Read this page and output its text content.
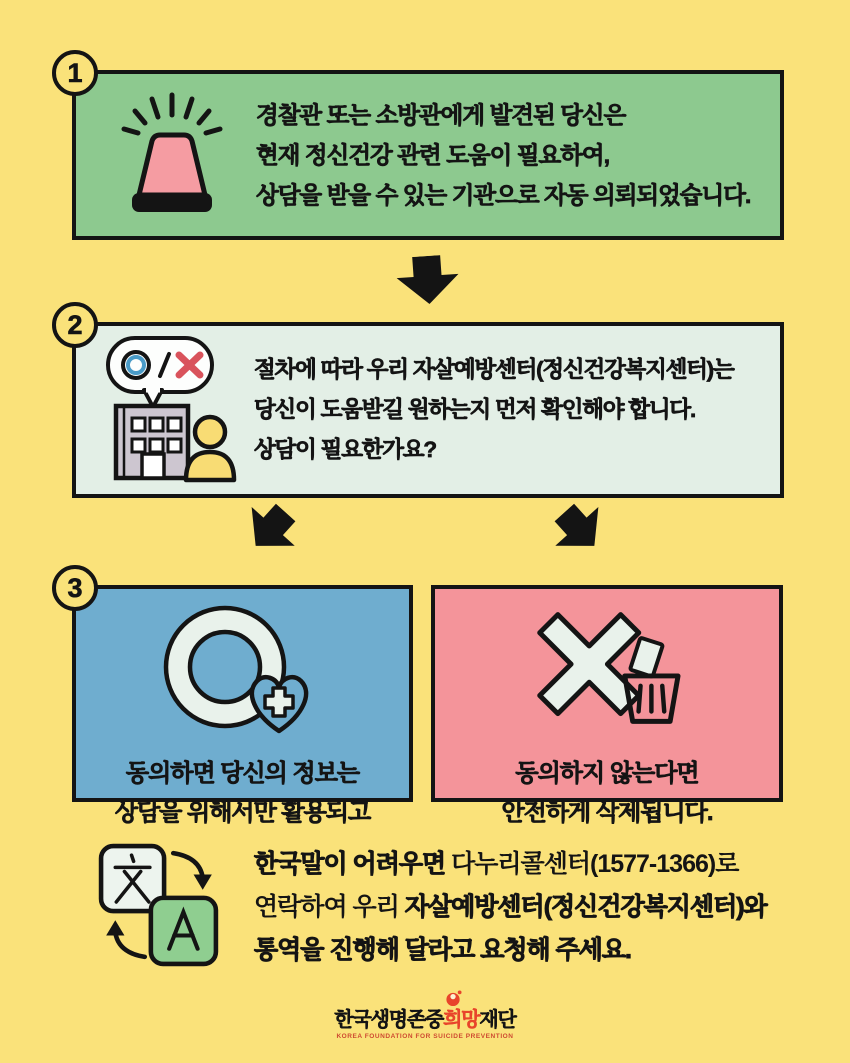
1
경찰관 또는 소방관에게 발견된 당신은
현재 정신건강 관련 도움이 필요하여,
상담을 받을 수 있는 기관으로 자동 의뢰되었습니다.
2
절차에 따라 우리 자살예방센터(정신건강복지센터)는
당신이 도움받길 원하는지 먼저 확인해야 합니다.
상담이 필요한가요?
3
동의하면 당신의 정보는
상담을 위해서만 활용되고
동의하지 않는다면
안전하게 삭제됩니다.
한국말이 어려우면 다누리콜센터(1577-1366)로
연락하여 우리 자살예방센터(정신건강복지센터)와
통역을 진행해 달라고 요청해 주세요.
한국생명존중
희망재단
KOREA FOUNDATION FOR SUICIDE PREVENTION
